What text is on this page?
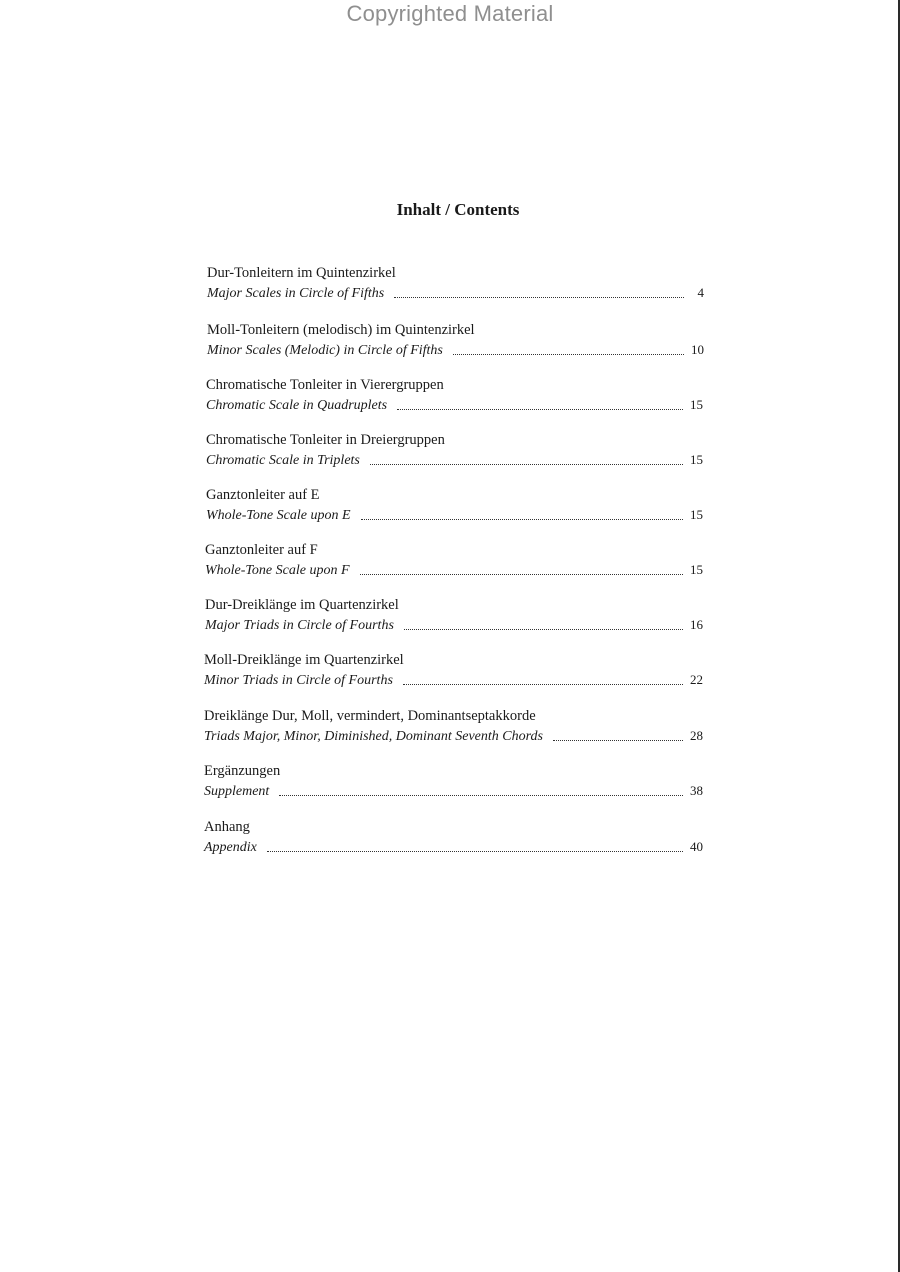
Copyrighted Material
Inhalt / Contents
Dur-Tonleitern im Quintenzirkel
Major Scales in Circle of Fifths	4
Moll-Tonleitern (melodisch) im Quintenzirkel
Minor Scales (Melodic) in Circle of Fifths	10
Chromatische Tonleiter in Vierergruppen
Chromatic Scale in Quadruplets	15
Chromatische Tonleiter in Dreiergruppen
Chromatic Scale in Triplets	15
Ganztonleiter auf E
Whole-Tone Scale upon E	15
Ganztonleiter auf F
Whole-Tone Scale upon F	15
Dur-Dreiklänge im Quartenzirkel
Major Triads in Circle of Fourths	16
Moll-Dreiklänge im Quartenzirkel
Minor Triads in Circle of Fourths	22
Dreiklänge Dur, Moll, vermindert, Dominantseptakkorde
Triads Major, Minor, Diminished, Dominant Seventh Chords	28
Ergänzungen
Supplement	38
Anhang
Appendix	40
